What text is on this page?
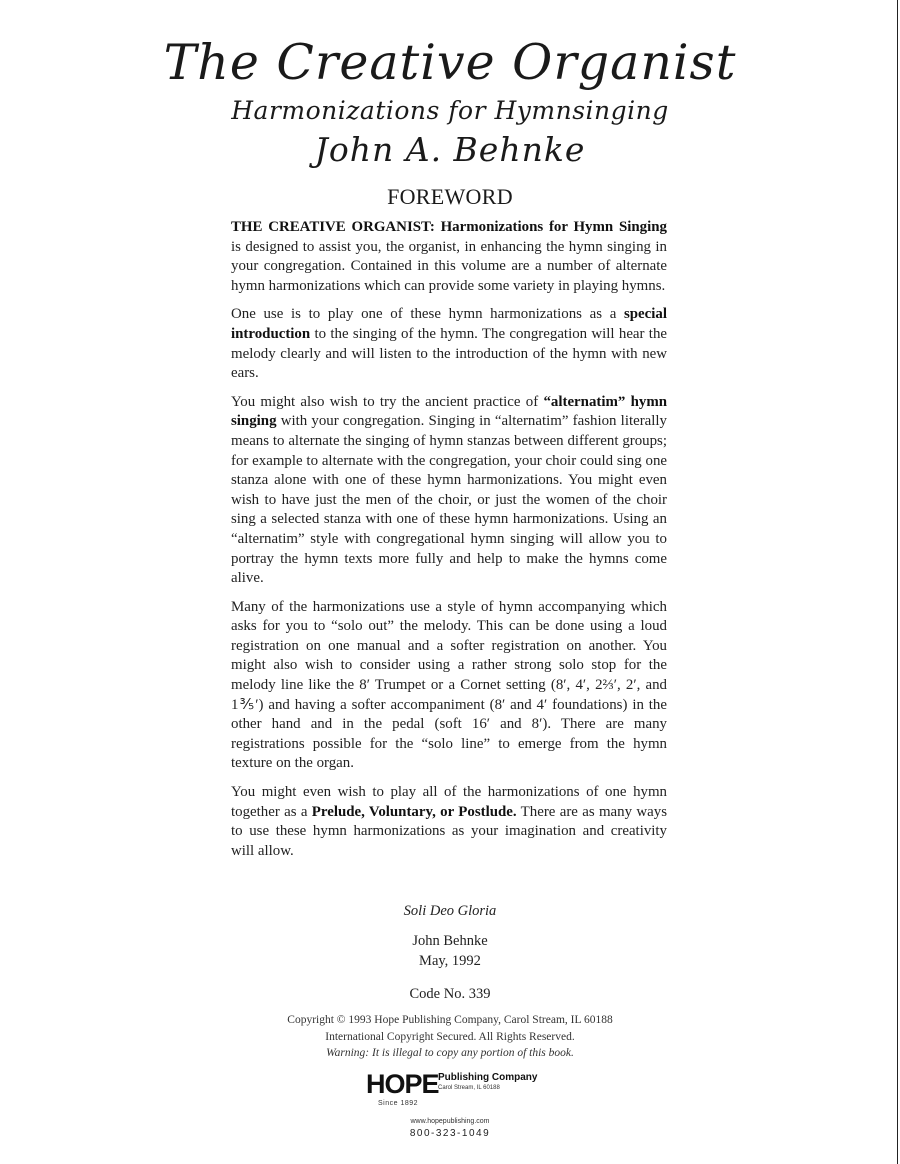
The Creative Organist
Harmonizations for Hymnsinging
John A. Behnke
FOREWORD

THE CREATIVE ORGANIST: Harmonizations for Hymn Singing is designed to assist you, the organist, in enhancing the hymn singing in your congregation. Contained in this volume are a number of alternate hymn harmonizations which can provide some variety in playing hymns.

One use is to play one of these hymn harmonizations as a special introduction to the singing of the hymn. The congregation will hear the melody clearly and will listen to the introduction of the hymn with new ears.

You might also wish to try the ancient practice of “alternatim” hymn singing with your congregation. Singing in “alternatim” fashion literally means to alternate the singing of hymn stanzas between different groups; for example to alternate with the congregation, your choir could sing one stanza alone with one of these hymn harmonizations. You might even wish to have just the men of the choir, or just the women of the choir sing a selected stanza with one of these hymn harmonizations. Using an “alternatim” style with congregational hymn singing will allow you to portray the hymn texts more fully and help to make the hymns come alive.

Many of the harmonizations use a style of hymn accompanying which asks for you to “solo out” the melody. This can be done using a loud registration on one manual and a softer registration on another. You might also wish to consider using a rather strong solo stop for the melody line like the 8′ Trumpet or a Cornet setting (8′, 4′, 2⅔′, 2′, and 1⅗′) and having a softer accompaniment (8′ and 4′ foundations) in the other hand and in the pedal (soft 16′ and 8′). There are many registrations possible for the “solo line” to emerge from the hymn texture on the organ.

You might even wish to play all of the harmonizations of one hymn together as a Prelude, Voluntary, or Postlude. There are as many ways to use these hymn harmonizations as your imagination and creativity will allow.

Soli Deo Gloria
John Behnke
May, 1992
Code No. 339
Copyright © 1993 Hope Publishing Company, Carol Stream, IL 60188
International Copyright Secured. All Rights Reserved.
Warning: It is illegal to copy any portion of this book.
HOPE Publishing Company
Carol Stream, IL 60188
Since 1892
www.hopepublishing.com
800-323-1049
